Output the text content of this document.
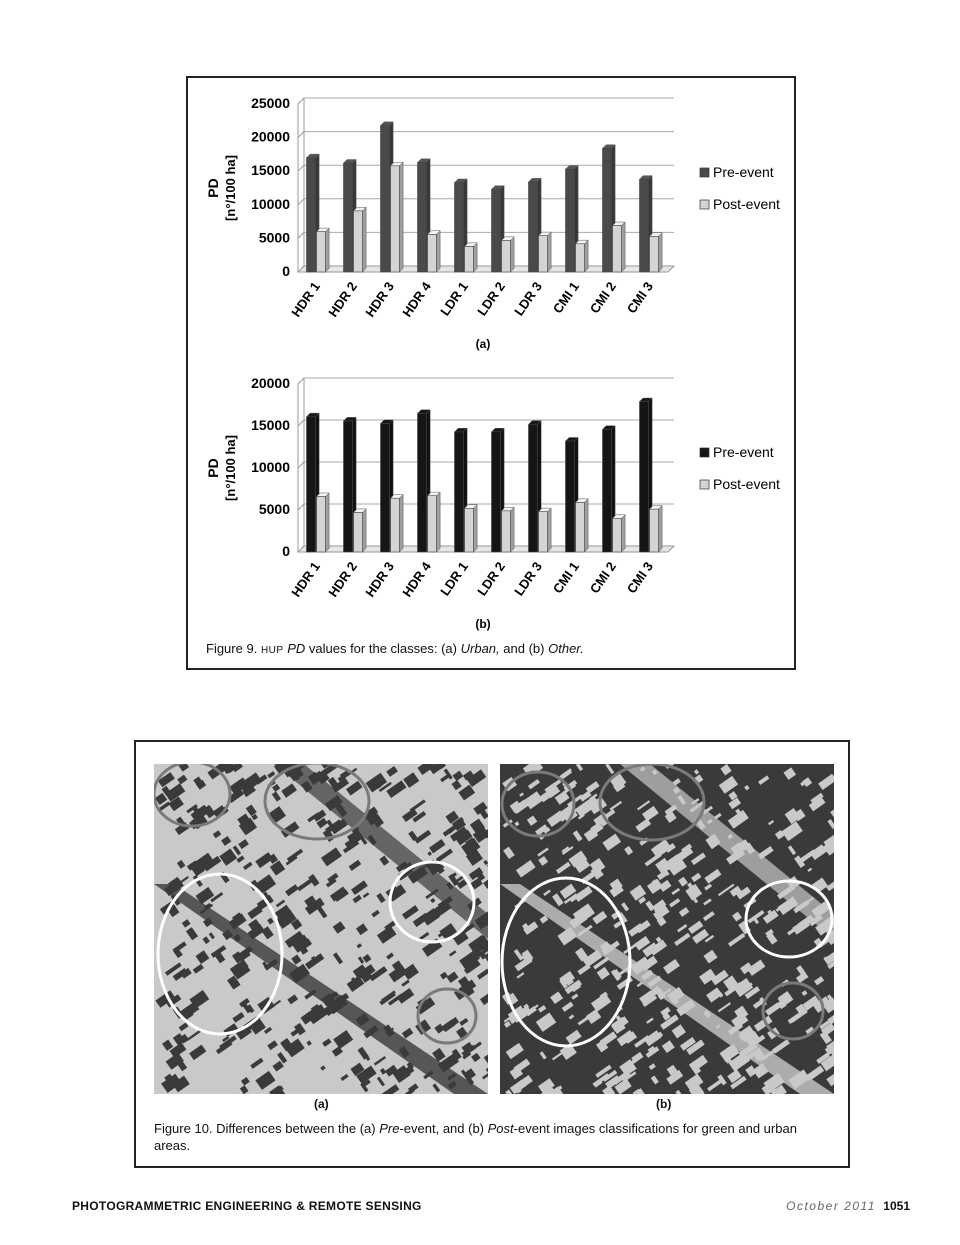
0
5000
10000
15000
20000
25000
HDR 1 HDR 2 HDR 3 HDR 4 LDR 1 LDR 2 LDR 3 CMI 1 CMI 2 CMI 3
PD [n°/100 ha]	Pre-event
Post-event
(a)
0
5000
10000
15000
20000
HDR 1 HDR 2 HDR 3 HDR 4 LDR 1 LDR 2 LDR 3 CMI 1 CMI 2 CMI 3
PD [n°/100 ha]	Pre-event
Post-event
(b)
Figure 9. HUP PD values for the classes: (a) Urban, and (b) Other.
(a)	(b)
Figure 10. Differences between the (a) Pre-event, and (b) Post-event images classifications for green and urban areas.
PHOTOGRAMMETRIC ENGINEERING & REMOTE SENSING	October 2011 1051
